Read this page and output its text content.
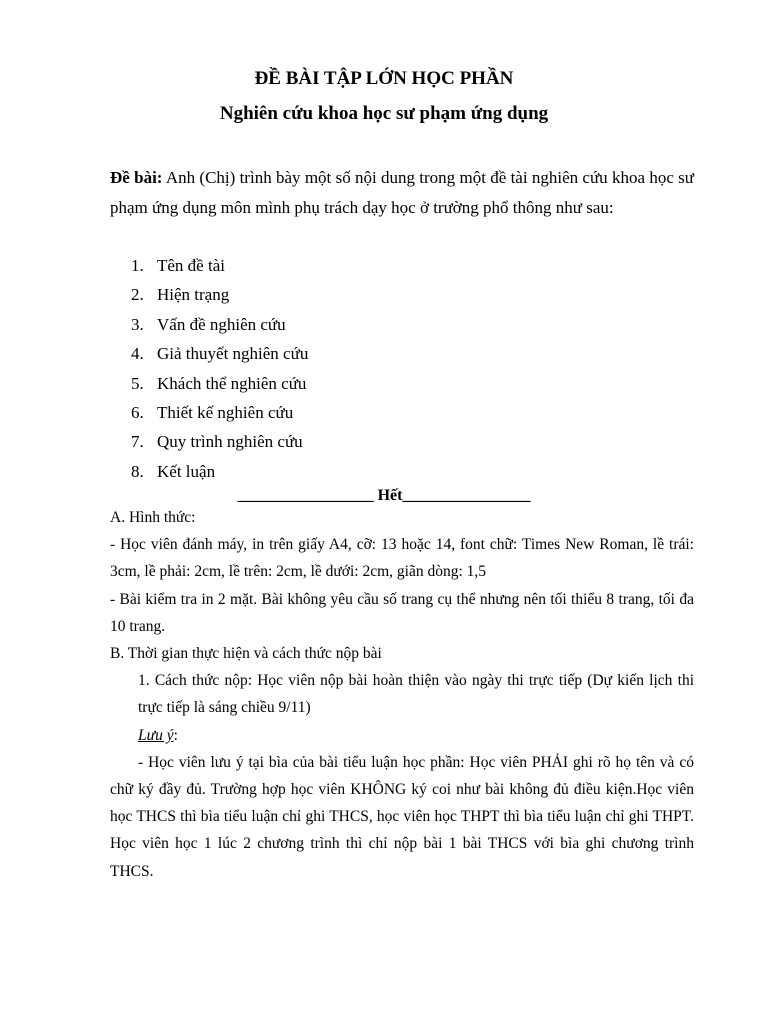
ĐỀ BÀI TẬP LỚN HỌC PHẦN
Nghiên cứu khoa học sư phạm ứng dụng
Đề bài: Anh (Chị) trình bày một số nội dung trong một đề tài nghiên cứu khoa học sư phạm ứng dụng môn mình phụ trách dạy học ở trường phổ thông như sau:
1. Tên đề tài
2. Hiện trạng
3. Vấn đề nghiên cứu
4. Giả thuyết nghiên cứu
5. Khách thể nghiên cứu
6. Thiết kế nghiên cứu
7. Quy trình nghiên cứu
8. Kết luận
_________________ Hết________________

A. Hình thức:

- Học viên đánh máy, in trên giấy A4, cỡ: 13 hoặc 14, font chữ: Times New Roman, lề trái: 3cm, lề phải: 2cm, lề trên: 2cm, lề dưới: 2cm, giãn dòng: 1,5

- Bài kiểm tra in 2 mặt. Bài không yêu cầu số trang cụ thể nhưng nên tối thiểu 8 trang, tối đa 10 trang.

B. Thời gian thực hiện và cách thức nộp bài

1. Cách thức nộp: Học viên nộp bài hoàn thiện vào ngày thi trực tiếp (Dự kiến lịch thi trực tiếp là sáng chiều 9/11)

Lưu ý:

- Học viên lưu ý tại bìa của bài tiểu luận học phần: Học viên PHẢI ghi rõ họ tên và có chữ ký đầy đủ. Trường hợp học viên KHÔNG ký coi như bài không đủ điều kiện.Học viên học THCS thì bìa tiểu luận chỉ ghi THCS, học viên học THPT thì bìa tiểu luận chỉ ghi THPT. Học viên học 1 lúc 2 chương trình thì chỉ nộp bài 1 bài THCS với bìa ghi chương trình THCS.
